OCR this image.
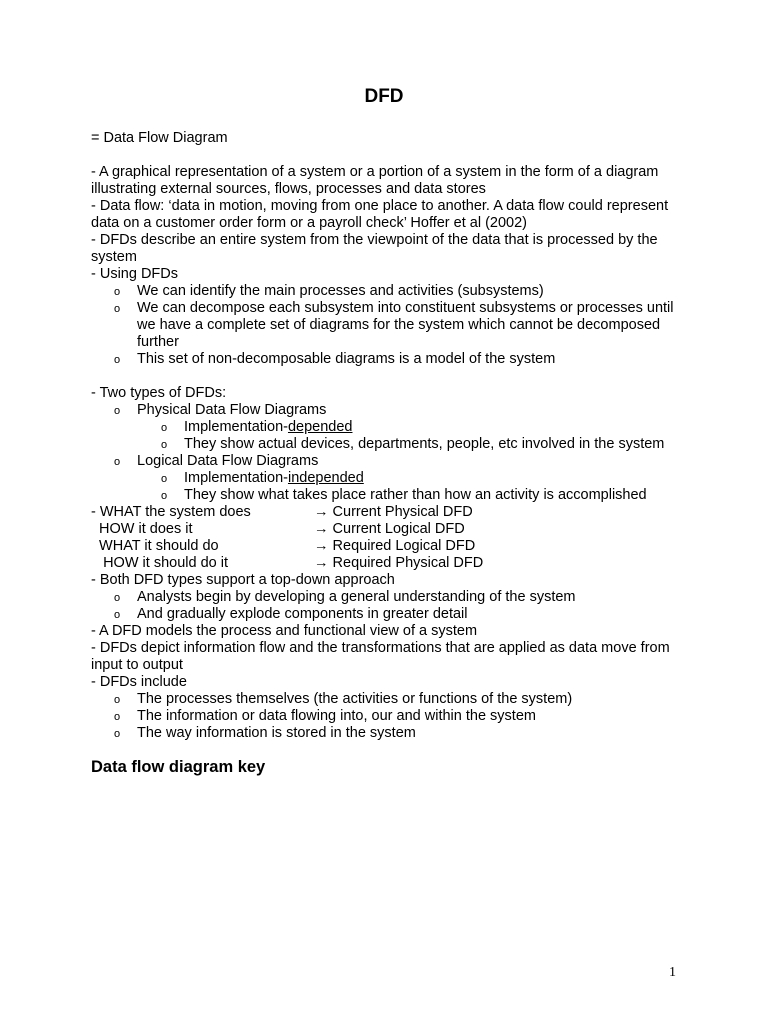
DFD

= Data Flow Diagram

- A graphical representation of a system or a portion of a system in the form of a diagram illustrating external sources, flows, processes and data stores

- Data flow: ‘data in motion, moving from one place to another. A data flow could represent data on a customer order form or a payroll check’ Hoffer et al (2002)

- DFDs describe an entire system from the viewpoint of the data that is processed by the system

- Using DFDs

o We can identify the main processes and activities (subsystems)

o We can decompose each subsystem into constituent subsystems or processes until we have a complete set of diagrams for the system which cannot be decomposed further

o This set of non-decomposable diagrams is a model of the system

- Two types of DFDs:

o Physical Data Flow Diagrams

o Implementation-depended

o They show actual devices, departments, people, etc involved in the system

o Logical Data Flow Diagrams

o Implementation-independed

o They show what takes place rather than how an activity is accomplished

- WHAT the system does	→ Current Physical DFD
HOW it does it	→ Current Logical DFD
WHAT it should do	→ Required Logical DFD
HOW it should do it	→ Required Physical DFD

- Both DFD types support a top-down approach

o Analysts begin by developing a general understanding of the system

o And gradually explode components in greater detail

- A DFD models the process and functional view of a system

- DFDs depict information flow and the transformations that are applied as data move from input to output

- DFDs include

o The processes themselves (the activities or functions of the system)

o The information or data flowing into, our and within the system

o The way information is stored in the system

Data flow diagram key
1
